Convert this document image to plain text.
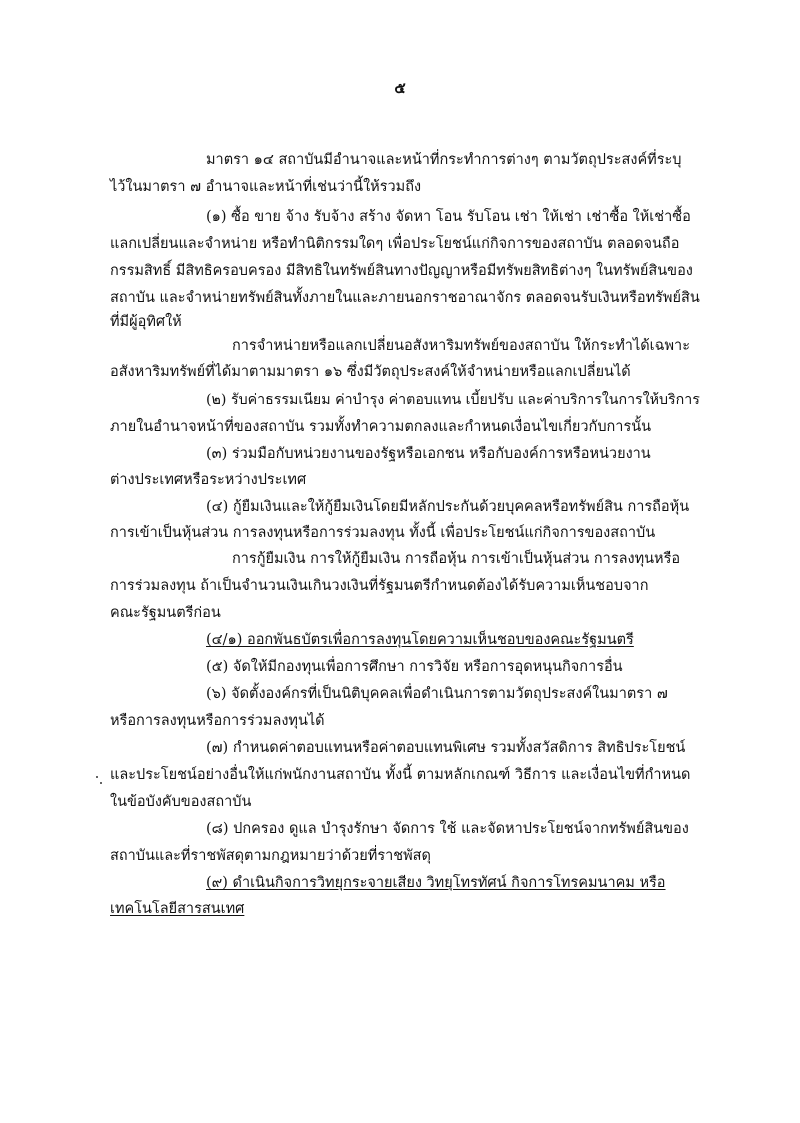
๕
มาตรา ๑๔ สถาบันมีอำนาจและหน้าที่กระทำการต่างๆ ตามวัตถุประสงค์ที่ระบุ
ไว้ในมาตรา ๗ อำนาจและหน้าที่เช่นว่านี้ให้รวมถึง
(๑) ซื้อ ขาย จ้าง รับจ้าง สร้าง จัดหา โอน รับโอน เช่า ให้เช่า เช่าซื้อ ให้เช่าซื้อ
แลกเปลี่ยนและจำหน่าย หรือทำนิติกรรมใดๆ เพื่อประโยชน์แก่กิจการของสถาบัน ตลอดจนถือ
กรรมสิทธิ์ มีสิทธิครอบครอง มีสิทธิในทรัพย์สินทางปัญญาหรือมีทรัพยสิทธิต่างๆ ในทรัพย์สินของ
สถาบัน และจำหน่ายทรัพย์สินทั้งภายในและภายนอกราชอาณาจักร ตลอดจนรับเงินหรือทรัพย์สิน
ที่มีผู้อุทิศให้
การจำหน่ายหรือแลกเปลี่ยนอสังหาริมทรัพย์ของสถาบัน ให้กระทำได้เฉพาะ
อสังหาริมทรัพย์ที่ได้มาตามมาตรา ๑๖ ซึ่งมีวัตถุประสงค์ให้จำหน่ายหรือแลกเปลี่ยนได้
(๒) รับค่าธรรมเนียม ค่าบำรุง ค่าตอบแทน เบี้ยปรับ และค่าบริการในการให้บริการ
ภายในอำนาจหน้าที่ของสถาบัน รวมทั้งทำความตกลงและกำหนดเงื่อนไขเกี่ยวกับการนั้น
(๓) ร่วมมือกับหน่วยงานของรัฐหรือเอกชน หรือกับองค์การหรือหน่วยงาน
ต่างประเทศหรือระหว่างประเทศ
(๔) กู้ยืมเงินและให้กู้ยืมเงินโดยมีหลักประกันด้วยบุคคลหรือทรัพย์สิน การถือหุ้น
การเข้าเป็นหุ้นส่วน การลงทุนหรือการร่วมลงทุน ทั้งนี้ เพื่อประโยชน์แก่กิจการของสถาบัน
การกู้ยืมเงิน การให้กู้ยืมเงิน การถือหุ้น การเข้าเป็นหุ้นส่วน การลงทุนหรือ
การร่วมลงทุน ถ้าเป็นจำนวนเงินเกินวงเงินที่รัฐมนตรีกำหนดต้องได้รับความเห็นชอบจาก
คณะรัฐมนตรีก่อน
(๔/๑) ออกพันธบัตรเพื่อการลงทุนโดยความเห็นชอบของคณะรัฐมนตรี
(๕) จัดให้มีกองทุนเพื่อการศึกษา การวิจัย หรือการอุดหนุนกิจการอื่น
(๖) จัดตั้งองค์กรที่เป็นนิติบุคคลเพื่อดำเนินการตามวัตถุประสงค์ในมาตรา ๗
หรือการลงทุนหรือการร่วมลงทุนได้
(๗) กำหนดค่าตอบแทนหรือค่าตอบแทนพิเศษ รวมทั้งสวัสดิการ สิทธิประโยชน์
และประโยชน์อย่างอื่นให้แก่พนักงานสถาบัน ทั้งนี้ ตามหลักเกณฑ์ วิธีการ และเงื่อนไขที่กำหนด
ในข้อบังคับของสถาบัน
(๘) ปกครอง ดูแล บำรุงรักษา จัดการ ใช้ และจัดหาประโยชน์จากทรัพย์สินของ
สถาบันและที่ราชพัสดุตามกฎหมายว่าด้วยที่ราชพัสดุ
(๙) ดำเนินกิจการวิทยุกระจายเสียง วิทยุโทรทัศน์ กิจการโทรคมนาคม หรือ
เทคโนโลยีสารสนเทศ
